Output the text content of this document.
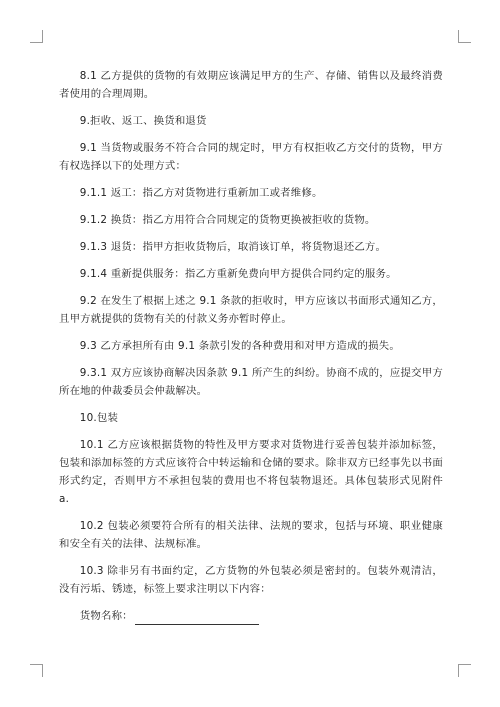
8.1 乙方提供的货物的有效期应该满足甲方的生产、存储、销售以及最终消费者使用的合理周期。

9.拒收、返工、换货和退货

9.1 当货物或服务不符合合同的规定时，甲方有权拒收乙方交付的货物，甲方有权选择以下的处理方式：

9.1.1 返工：指乙方对货物进行重新加工或者维修。

9.1.2 换货：指乙方用符合合同规定的货物更换被拒收的货物。

9.1.3 退货：指甲方拒收货物后，取消该订单，将货物退还乙方。

9.1.4 重新提供服务：指乙方重新免费向甲方提供合同约定的服务。

9.2 在发生了根据上述之 9.1 条款的拒收时，甲方应该以书面形式通知乙方，且甲方就提供的货物有关的付款义务亦暂时停止。

9.3 乙方承担所有由 9.1 条款引发的各种费用和对甲方造成的损失。

9.3.1 双方应该协商解决因条款 9.1 所产生的纠纷。协商不成的，应提交甲方所在地的仲裁委员会仲裁解决。

10.包装

10.1 乙方应该根据货物的特性及甲方要求对货物进行妥善包装并添加标签，包装和添加标签的方式应该符合中转运输和仓储的要求。除非双方已经事先以书面形式约定，否则甲方不承担包装的费用也不将包装物退还。具体包装形式见附件 a.

10.2 包装必须要符合所有的相关法律、法规的要求，包括与环境、职业健康和安全有关的法律、法规标准。

10.3 除非另有书面约定，乙方货物的外包装必须是密封的。包装外观清洁，没有污垢、锈迹，标签上要求注明以下内容：

货物名称：
